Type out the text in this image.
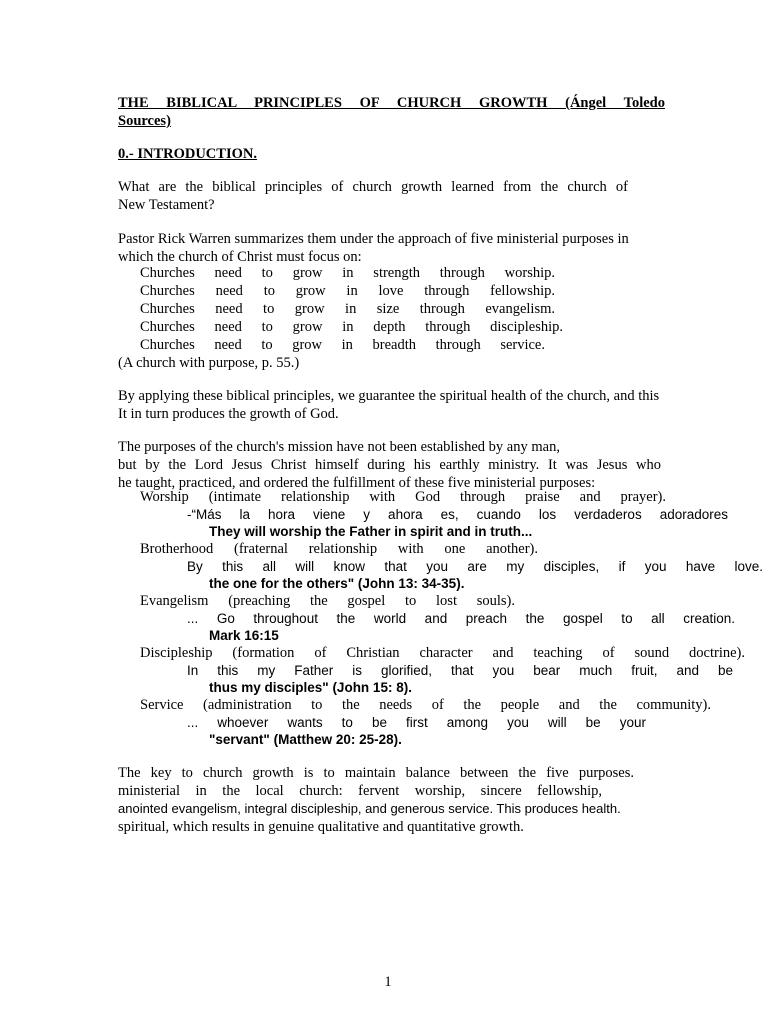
THE BIBLICAL PRINCIPLES OF CHURCH GROWTH (Ángel Toledo
Sources)
0.- INTRODUCTION.
What are the biblical principles of church growth learned from the church of
New Testament?
Pastor Rick Warren summarizes them under the approach of five ministerial purposes in
which the church of Christ must focus on:
Churches need to grow in strength through worship.
Churches need to grow in love through fellowship.
Churches need to grow in size through evangelism.
Churches need to grow in depth through discipleship.
Churches need to grow in breadth through service.
(A church with purpose, p. 55.)
By applying these biblical principles, we guarantee the spiritual health of the church, and this
It in turn produces the growth of God.
The purposes of the church's mission have not been established by any man,
but by the Lord Jesus Christ himself during his earthly ministry. It was Jesus who
he taught, practiced, and ordered the fulfillment of these five ministerial purposes:
Worship (intimate relationship with God through praise and prayer).
-“Más la hora viene y ahora es, cuando los verdaderos adoradores
They will worship the Father in spirit and in truth...
Brotherhood (fraternal relationship with one another).
By this all will know that you are my disciples, if you have love.
the one for the others" (John 13: 34-35).
Evangelism (preaching the gospel to lost souls).
... Go throughout the world and preach the gospel to all creation.
Mark 16:15
Discipleship (formation of Christian character and teaching of sound doctrine).
In this my Father is glorified, that you bear much fruit, and be
thus my disciples" (John 15: 8).
Service (administration to the needs of the people and the community).
... whoever wants to be first among you will be your
"servant" (Matthew 20: 25-28).
The key to church growth is to maintain balance between the five purposes.
ministerial in the local church: fervent worship, sincere fellowship,
anointed evangelism, integral discipleship, and generous service. This produces health.
spiritual, which results in genuine qualitative and quantitative growth.
1
